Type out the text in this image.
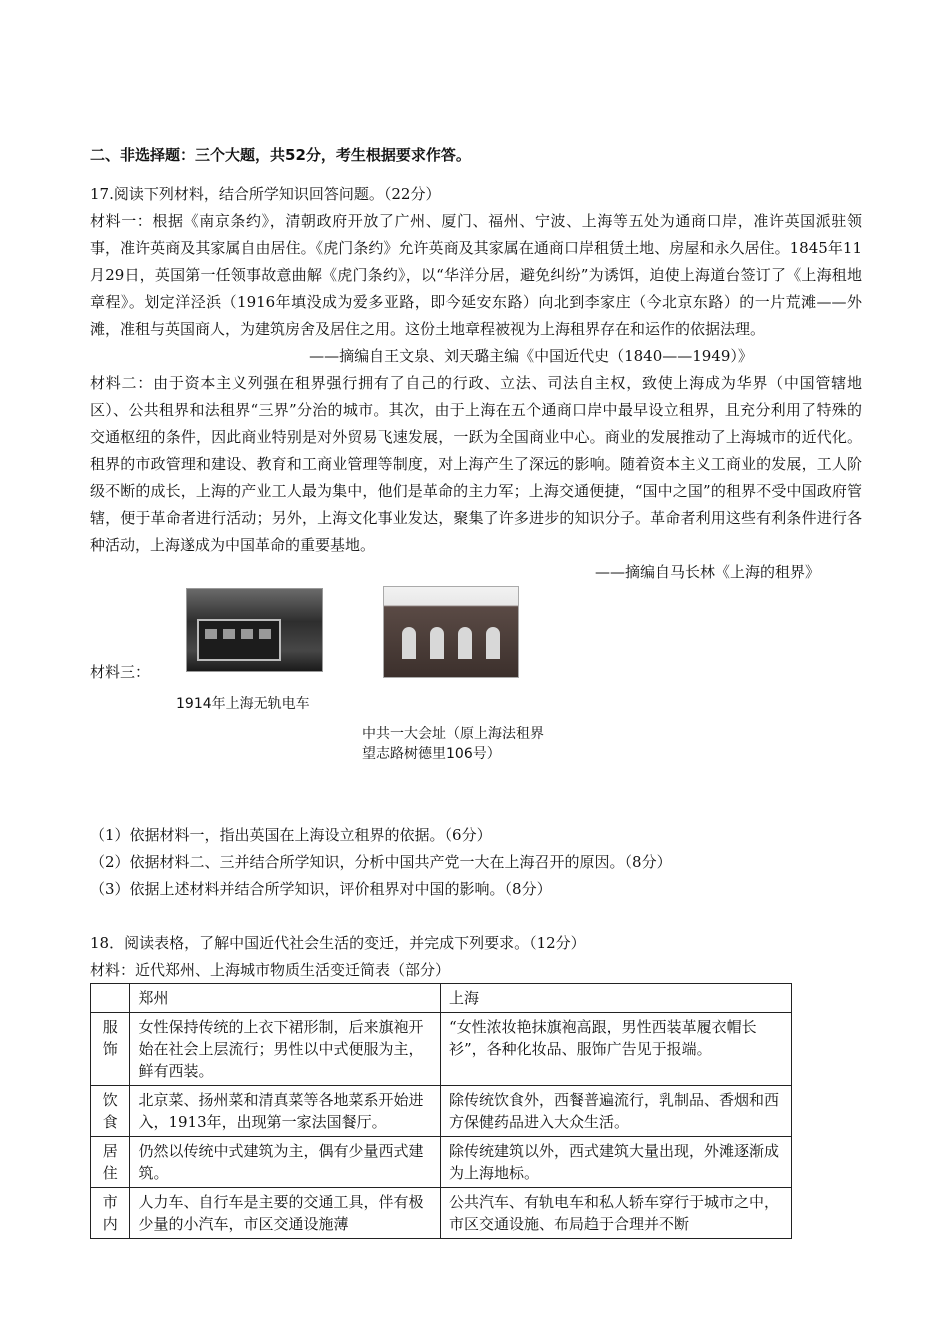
二、非选择题：三个大题，共52分，考生根据要求作答。

17.阅读下列材料，结合所学知识回答问题。（22分）

材料一：根据《南京条约》，清朝政府开放了广州、厦门、福州、宁波、上海等五处为通商口岸，准许英国派驻领事，准许英商及其家属自由居住。《虎门条约》允许英商及其家属在通商口岸租赁土地、房屋和永久居住。1845年11月29日，英国第一任领事故意曲解《虎门条约》，以“华洋分居，避免纠纷”为诱饵，迫使上海道台签订了《上海租地章程》。划定洋泾浜（1916年填没成为爱多亚路，即今延安东路）向北到李家庄（今北京东路）的一片荒滩——外滩，准租与英国商人，为建筑房舍及居住之用。这份土地章程被视为上海租界存在和运作的依据法理。

——摘编自王文泉、刘天璐主编《中国近代史（1840——1949）》

材料二：由于资本主义列强在租界强行拥有了自己的行政、立法、司法自主权，致使上海成为华界（中国管辖地区）、公共租界和法租界“三界”分治的城市。其次，由于上海在五个通商口岸中最早设立租界，且充分利用了特殊的交通枢纽的条件，因此商业特别是对外贸易飞速发展，一跃为全国商业中心。商业的发展推动了上海城市的近代化。租界的市政管理和建设、教育和工商业管理等制度，对上海产生了深远的影响。随着资本主义工商业的发展，工人阶级不断的成长，上海的产业工人最为集中，他们是革命的主力军；上海交通便捷，“国中之国”的租界不受中国政府管辖，便于革命者进行活动；另外，上海文化事业发达，聚集了许多进步的知识分子。革命者利用这些有利条件进行各种活动，上海遂成为中国革命的重要基地。

——摘编自马长林《上海的租界》

材料三：
1914年上海无轨电车
中共一大会址（原上海法租界
望志路树德里106号）

（1）依据材料一，指出英国在上海设立租界的依据。（6分）

（2）依据材料二、三并结合所学知识，分析中国共产党一大在上海召开的原因。（8分）

（3）依据上述材料并结合所学知识，评价租界对中国的影响。（8分）

18．阅读表格，了解中国近代社会生活的变迁，并完成下列要求。（12分）

材料：近代郑州、上海城市物质生活变迁简表（部分）

	郑州	上海
服饰	女性保持传统的上衣下裙形制，后来旗袍开始在社会上层流行；男性以中式便服为主，鲜有西装。	“女性浓妆艳抹旗袍高跟，男性西装革履衣帽长衫”，各种化妆品、服饰广告见于报端。
饮食	北京菜、扬州菜和清真菜等各地菜系开始进入，1913年，出现第一家法国餐厅。	除传统饮食外，西餐普遍流行，乳制品、香烟和西方保健药品进入大众生活。
居住	仍然以传统中式建筑为主，偶有少量西式建筑。	除传统建筑以外，西式建筑大量出现，外滩逐渐成为上海地标。
市内	人力车、自行车是主要的交通工具，伴有极少量的小汽车，市区交通设施薄	公共汽车、有轨电车和私人轿车穿行于城市之中，市区交通设施、布局趋于合理并不断
